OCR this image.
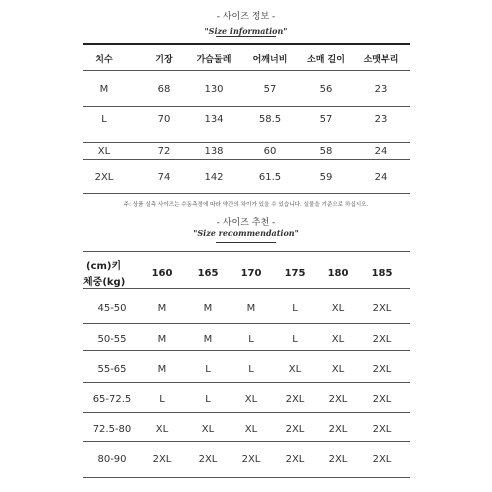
- 사이즈 정보 -
"Size information"
치수	기장	가슴둘레	어깨너비	소매 길이	소맷부리
M	68	130	57	56	23
L	70	134	58.5	57	23
XL	72	138	60	58	24
2XL	74	142	61.5	59	24
주: 상품 실측 사이즈는 수동측정에 따라 약간의 차이가 있을 수 있습니다. 실물을 기준으로 하십시오.
- 사이즈 추천 -
"Size recommendation"
(cm)키
체중(kg)
160	165	170	175	180	185
45-50	M	M	M	L	XL	2XL
50-55	M	M	L	L	XL	2XL
55-65	M	L	L	XL	XL	2XL
65-72.5	L	L	XL	2XL	2XL	2XL
72.5-80	XL	XL	XL	2XL	2XL	2XL
80-90	2XL	2XL	2XL	2XL	2XL	2XL
